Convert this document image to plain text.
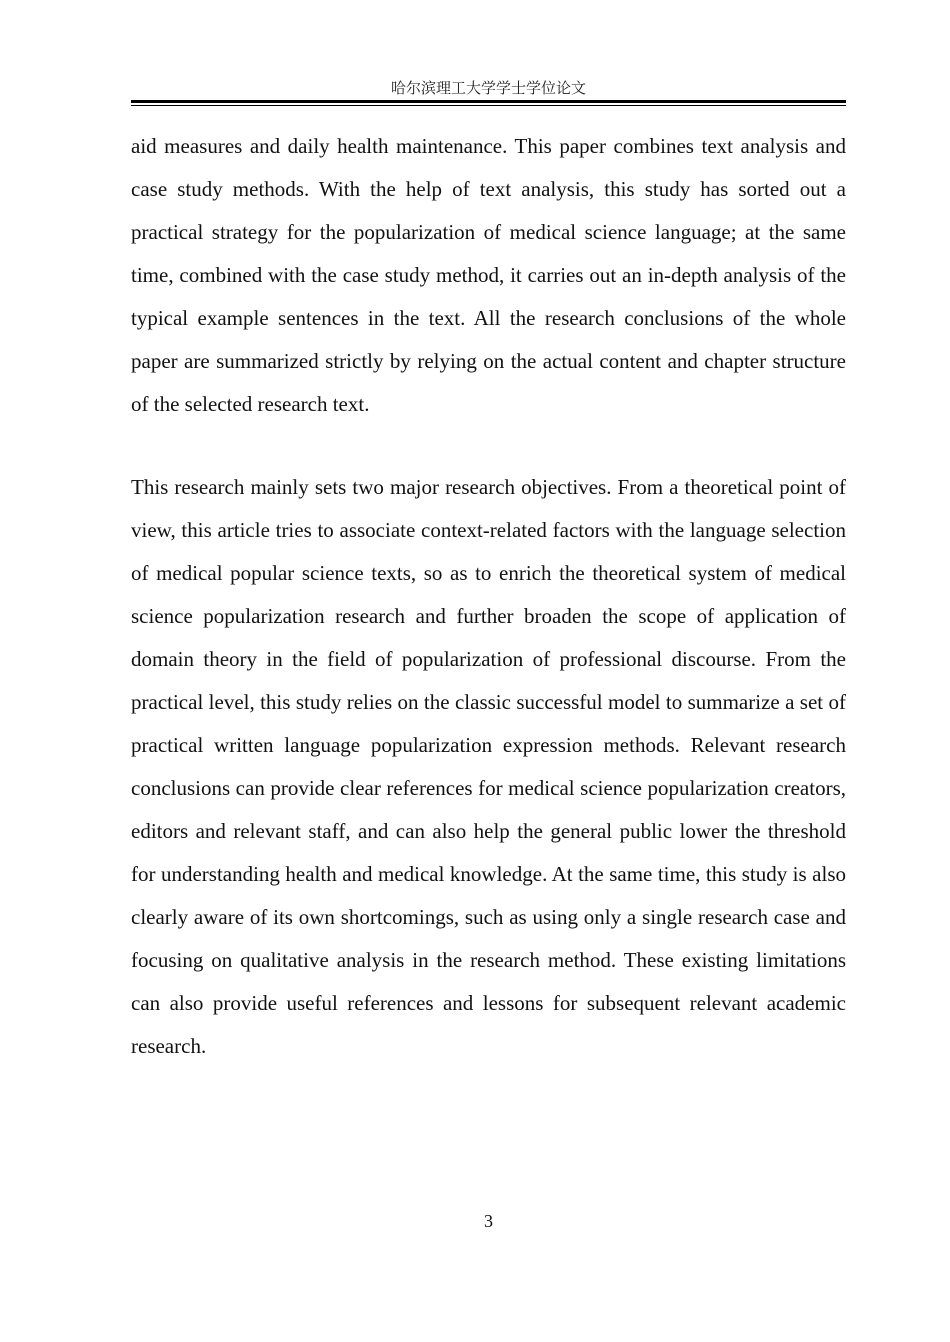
哈尔滨理工大学学士学位论文

aid measures and daily health maintenance. This paper combines text analysis and case study methods. With the help of text analysis, this study has sorted out a practical strategy for the popularization of medical science language; at the same time, combined with the case study method, it carries out an in-depth analysis of the typical example sentences in the text. All the research conclusions of the whole paper are summarized strictly by relying on the actual content and chapter structure of the selected research text.

This research mainly sets two major research objectives. From a theoretical point of view, this article tries to associate context-related factors with the language selection of medical popular science texts, so as to enrich the theoretical system of medical science popularization research and further broaden the scope of application of domain theory in the field of popularization of professional discourse. From the practical level, this study relies on the classic successful model to summarize a set of practical written language popularization expression methods. Relevant research conclusions can provide clear references for medical science popularization creators, editors and relevant staff, and can also help the general public lower the threshold for understanding health and medical knowledge. At the same time, this study is also clearly aware of its own shortcomings, such as using only a single research case and focusing on qualitative analysis in the research method. These existing limitations can also provide useful references and lessons for subsequent relevant academic research.

3
